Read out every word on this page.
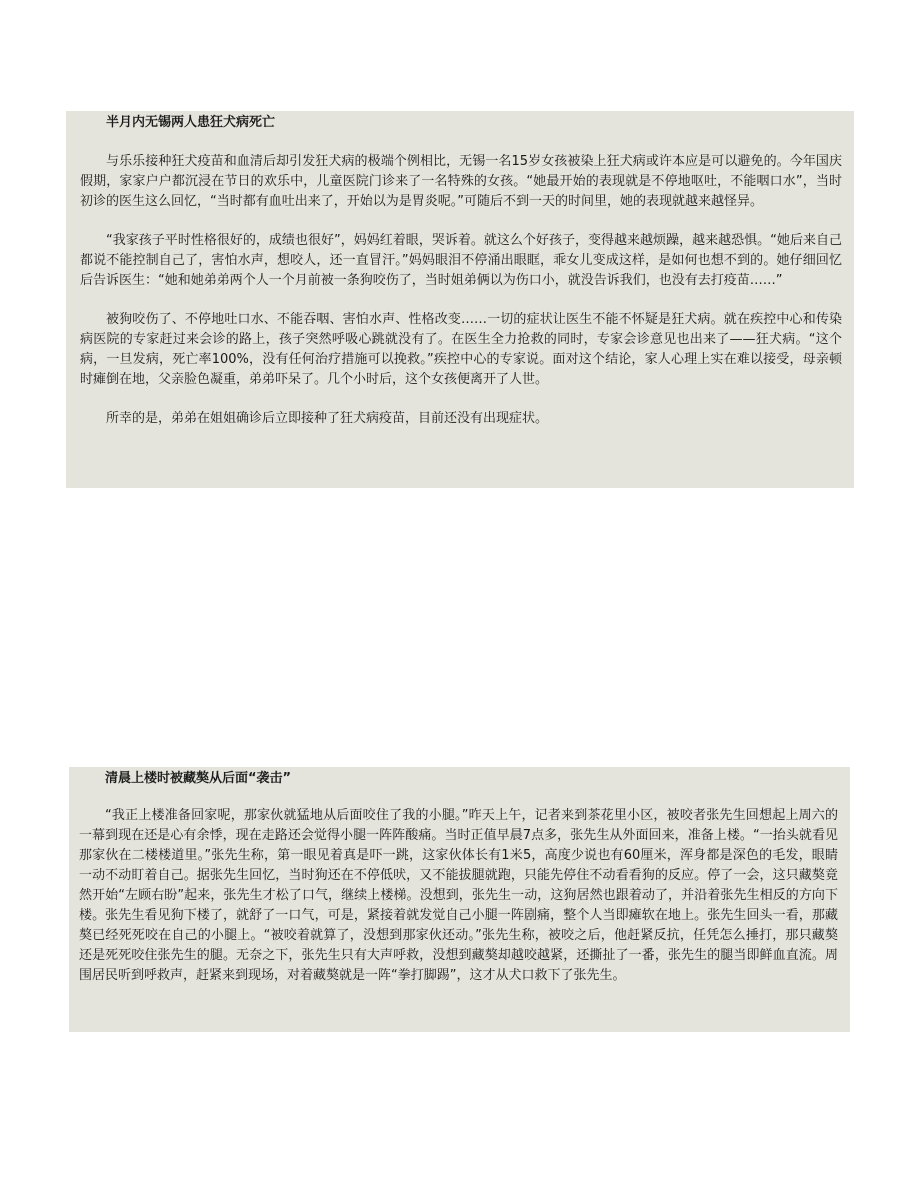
半月内无锡两人患狂犬病死亡

与乐乐接种狂犬疫苗和血清后却引发狂犬病的极端个例相比，无锡一名15岁女孩被染上狂犬病或许本应是可以避免的。今年国庆假期，家家户户都沉浸在节日的欢乐中，儿童医院门诊来了一名特殊的女孩。“她最开始的表现就是不停地呕吐，不能咽口水”，当时初诊的医生这么回忆，“当时都有血吐出来了，开始以为是胃炎呢。”可随后不到一天的时间里，她的表现就越来越怪异。

“我家孩子平时性格很好的，成绩也很好”，妈妈红着眼，哭诉着。就这么个好孩子，变得越来越烦躁，越来越恐惧。“她后来自己都说不能控制自己了，害怕水声，想咬人，还一直冒汗。”妈妈眼泪不停涌出眼眶，乖女儿变成这样，是如何也想不到的。她仔细回忆后告诉医生：“她和她弟弟两个人一个月前被一条狗咬伤了，当时姐弟俩以为伤口小，就没告诉我们，也没有去打疫苗……”

被狗咬伤了、不停地吐口水、不能吞咽、害怕水声、性格改变……一切的症状让医生不能不怀疑是狂犬病。就在疾控中心和传染病医院的专家赶过来会诊的路上，孩子突然呼吸心跳就没有了。在医生全力抢救的同时，专家会诊意见也出来了——狂犬病。“这个病，一旦发病，死亡率100%，没有任何治疗措施可以挽救。”疾控中心的专家说。面对这个结论，家人心理上实在难以接受，母亲顿时瘫倒在地，父亲脸色凝重，弟弟吓呆了。几个小时后，这个女孩便离开了人世。

所幸的是，弟弟在姐姐确诊后立即接种了狂犬病疫苗，目前还没有出现症状。

清晨上楼时被藏獒从后面“袭击”

“我正上楼准备回家呢，那家伙就猛地从后面咬住了我的小腿。”昨天上午，记者来到茶花里小区，被咬者张先生回想起上周六的一幕到现在还是心有余悸，现在走路还会觉得小腿一阵阵酸痛。当时正值早晨7点多，张先生从外面回来，准备上楼。“一抬头就看见那家伙在二楼楼道里。”张先生称，第一眼见着真是吓一跳，这家伙体长有1米5，高度少说也有60厘米，浑身都是深色的毛发，眼睛一动不动盯着自己。据张先生回忆，当时狗还在不停低吠，又不能拔腿就跑，只能先停住不动看看狗的反应。停了一会，这只藏獒竟然开始“左顾右盼”起来，张先生才松了口气，继续上楼梯。没想到，张先生一动，这狗居然也跟着动了，并沿着张先生相反的方向下楼。张先生看见狗下楼了，就舒了一口气，可是，紧接着就发觉自己小腿一阵剧痛，整个人当即瘫软在地上。张先生回头一看，那藏獒已经死死咬在自己的小腿上。“被咬着就算了，没想到那家伙还动。”张先生称，被咬之后，他赶紧反抗，任凭怎么捶打，那只藏獒还是死死咬住张先生的腿。无奈之下，张先生只有大声呼救，没想到藏獒却越咬越紧，还撕扯了一番，张先生的腿当即鲜血直流。周围居民听到呼救声，赶紧来到现场，对着藏獒就是一阵“拳打脚踢”，这才从犬口救下了张先生。
